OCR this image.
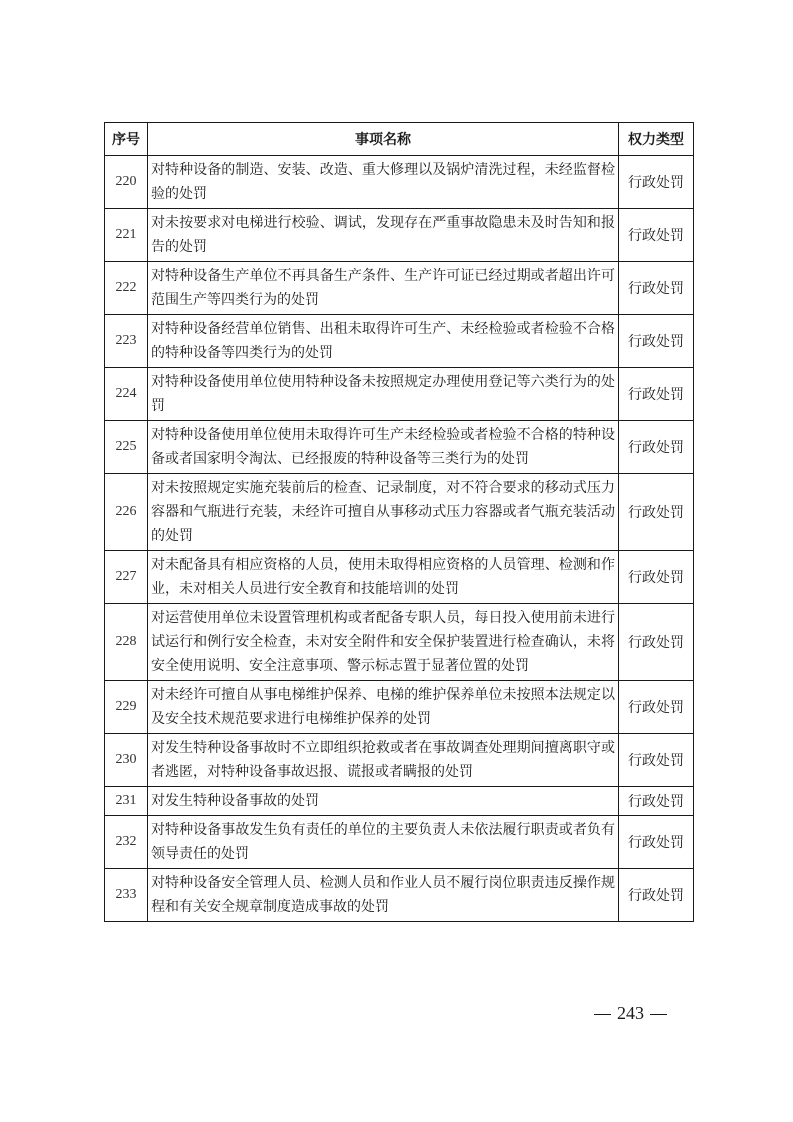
序号	事项名称	权力类型
220	对特种设备的制造、安装、改造、重大修理以及锅炉清洗过程，未经监督检验的处罚	行政处罚
221	对未按要求对电梯进行校验、调试，发现存在严重事故隐患未及时告知和报告的处罚	行政处罚
222	对特种设备生产单位不再具备生产条件、生产许可证已经过期或者超出许可范围生产等四类行为的处罚	行政处罚
223	对特种设备经营单位销售、出租未取得许可生产、未经检验或者检验不合格的特种设备等四类行为的处罚	行政处罚
224	对特种设备使用单位使用特种设备未按照规定办理使用登记等六类行为的处罚	行政处罚
225	对特种设备使用单位使用未取得许可生产未经检验或者检验不合格的特种设备或者国家明令淘汰、已经报废的特种设备等三类行为的处罚	行政处罚
226	对未按照规定实施充装前后的检查、记录制度，对不符合要求的移动式压力容器和气瓶进行充装，未经许可擅自从事移动式压力容器或者气瓶充装活动的处罚	行政处罚
227	对未配备具有相应资格的人员，使用未取得相应资格的人员管理、检测和作业，未对相关人员进行安全教育和技能培训的处罚	行政处罚
228	对运营使用单位未设置管理机构或者配备专职人员，每日投入使用前未进行试运行和例行安全检查，未对安全附件和安全保护装置进行检查确认，未将安全使用说明、安全注意事项、警示标志置于显著位置的处罚	行政处罚
229	对未经许可擅自从事电梯维护保养、电梯的维护保养单位未按照本法规定以及安全技术规范要求进行电梯维护保养的处罚	行政处罚
230	对发生特种设备事故时不立即组织抢救或者在事故调查处理期间擅离职守或者逃匿，对特种设备事故迟报、谎报或者瞒报的处罚	行政处罚
231	对发生特种设备事故的处罚	行政处罚
232	对特种设备事故发生负有责任的单位的主要负责人未依法履行职责或者负有领导责任的处罚	行政处罚
233	对特种设备安全管理人员、检测人员和作业人员不履行岗位职责违反操作规程和有关安全规章制度造成事故的处罚	行政处罚
243
